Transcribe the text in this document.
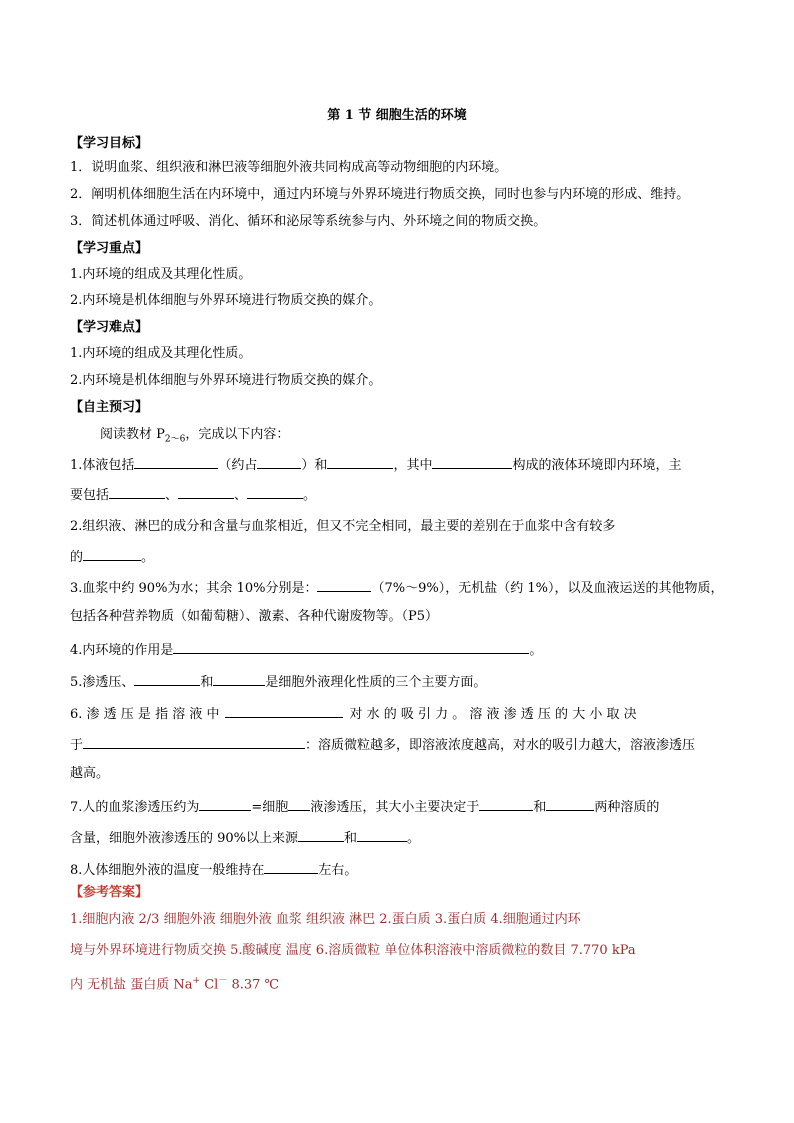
第 1 节 细胞生活的环境
【学习目标】
1．说明血浆、组织液和淋巴液等细胞外液共同构成高等动物细胞的内环境。
2．阐明机体细胞生活在内环境中，通过内环境与外界环境进行物质交换，同时也参与内环境的形成、维持。
3．简述机体通过呼吸、消化、循环和泌尿等系统参与内、外环境之间的物质交换。
【学习重点】
1.内环境的组成及其理化性质。
2.内环境是机体细胞与外界环境进行物质交换的媒介。
【学习难点】
1.内环境的组成及其理化性质。
2.内环境是机体细胞与外界环境进行物质交换的媒介。
【自主预习】
阅读教材 $P_{2\sim 6}$，完成以下内容：
1.体液包括	（约占	）和	，其中	构成的液体环境即内环境，主
要包括	、	、	。
2.组织液、淋巴的成分和含量与血浆相近，但又不完全相同，最主要的差别在于血浆中含有较多
的	。
3.血浆中约 90%为水；其余 10%分别是：	（7%～9%），无机盐（约 1%），以及血液运送的其他物质，
包括各种营养物质（如葡萄糖）、激素、各种代谢废物等。（P5）
4.内环境的作用是	。
5.渗透压、	和	是细胞外液理化性质的三个主要方面。
6. 渗 透 压 是 指 溶 液 中	对 水 的 吸 引 力 。 溶 液 渗 透 压 的 大 小 取 决
于	：溶质微粒越多，即溶液浓度越高，对水的吸引力越大，溶液渗透压
越高。
7.人的血浆渗透压约为	=细胞 液渗透压，其大小主要决定于	和	两种溶质的
含量，细胞外液渗透压的 90%以上来源	和	。
8.人体细胞外液的温度一般维持在	左右。
【参考答案】
1.细胞内液 2/3 细胞外液 细胞外液 血浆 组织液 淋巴 2.蛋白质 3.蛋白质 4.细胞通过内环
境与外界环境进行物质交换 5.酸碱度 温度 6.溶质微粒 单位体积溶液中溶质微粒的数目 7.770 kPa
内 无机盐 蛋白质 Na+ Cl－ 8.37 ℃
